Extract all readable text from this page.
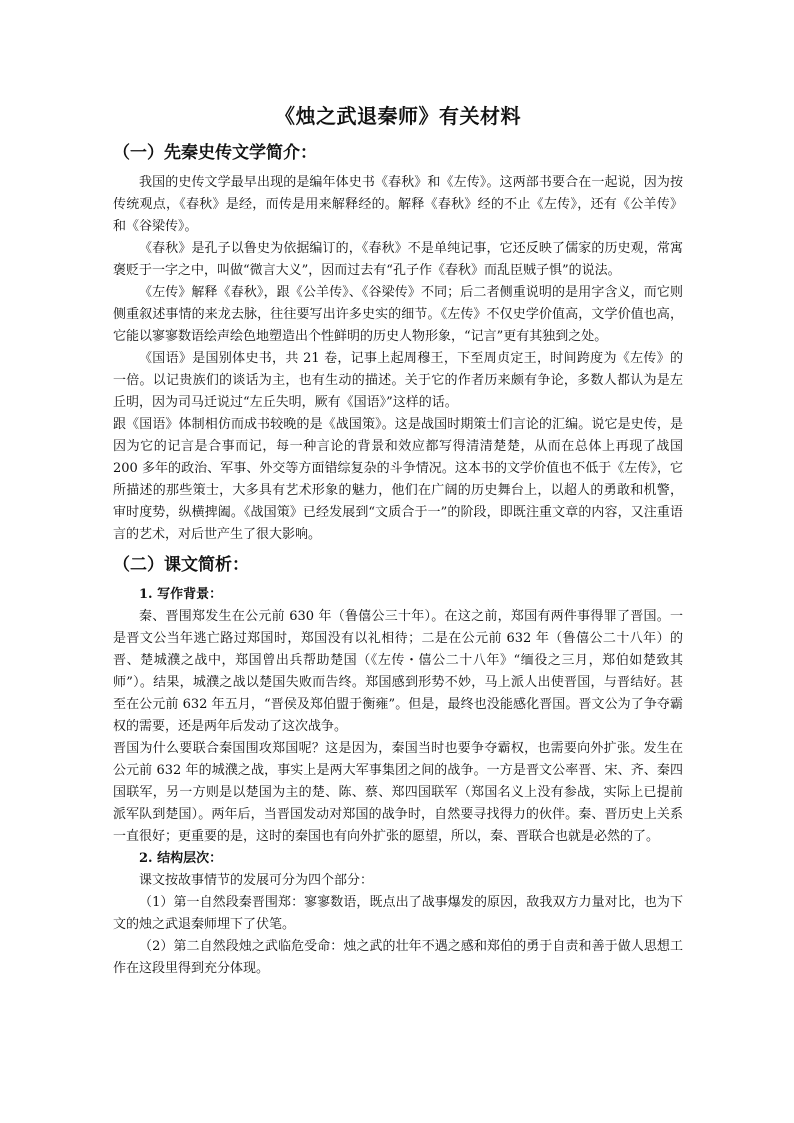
《烛之武退秦师》有关材料
（一）先秦史传文学简介：

我国的史传文学最早出现的是编年体史书《春秋》和《左传》。这两部书要合在一起说，因为按传统观点，《春秋》是经，而传是用来解释经的。解释《春秋》经的不止《左传》，还有《公羊传》和《谷梁传》。

《春秋》是孔子以鲁史为依据编订的，《春秋》不是单纯记事，它还反映了儒家的历史观，常寓褒贬于一字之中，叫做“微言大义”，因而过去有“孔子作《春秋》而乱臣贼子惧”的说法。

《左传》解释《春秋》，跟《公羊传》、《谷梁传》不同；后二者侧重说明的是用字含义，而它则侧重叙述事情的来龙去脉，往往要写出许多史实的细节。《左传》不仅史学价值高，文学价值也高，它能以寥寥数语绘声绘色地塑造出个性鲜明的历史人物形象，“记言”更有其独到之处。

《国语》是国别体史书，共 21 卷，记事上起周穆王，下至周贞定王，时间跨度为《左传》的一倍。以记贵族们的谈话为主，也有生动的描述。关于它的作者历来颇有争论，多数人都认为是左丘明，因为司马迁说过“左丘失明，厥有《国语》”这样的话。

跟《国语》体制相仿而成书较晚的是《战国策》。这是战国时期策士们言论的汇编。说它是史传，是因为它的记言是合事而记，每一种言论的背景和效应都写得清清楚楚，从而在总体上再现了战国 200 多年的政治、军事、外交等方面错综复杂的斗争情况。这本书的文学价值也不低于《左传》，它所描述的那些策士，大多具有艺术形象的魅力，他们在广阔的历史舞台上，以超人的勇敢和机警，审时度势，纵横捭阖。《战国策》已经发展到“文质合于一”的阶段，即既注重文章的内容，又注重语言的艺术，对后世产生了很大影响。

（二）课文简析：

1. 写作背景：

秦、晋围郑发生在公元前 630 年（鲁僖公三十年）。在这之前，郑国有两件事得罪了晋国。一是晋文公当年逃亡路过郑国时，郑国没有以礼相待；二是在公元前 632 年（鲁僖公二十八年）的晋、楚城濮之战中，郑国曾出兵帮助楚国（《左传・僖公二十八年》“缅役之三月，郑伯如楚致其师”）。结果，城濮之战以楚国失败而告终。郑国感到形势不妙，马上派人出使晋国，与晋结好。甚至在公元前 632 年五月，“晋侯及郑伯盟于衡雍”。但是，最终也没能感化晋国。晋文公为了争夺霸权的需要，还是两年后发动了这次战争。

晋国为什么要联合秦国围攻郑国呢？这是因为，秦国当时也要争夺霸权，也需要向外扩张。发生在公元前 632 年的城濮之战，事实上是两大军事集团之间的战争。一方是晋文公率晋、宋、齐、秦四国联军，另一方则是以楚国为主的楚、陈、蔡、郑四国联军（郑国名义上没有参战，实际上已提前派军队到楚国）。两年后，当晋国发动对郑国的战争时，自然要寻找得力的伙伴。秦、晋历史上关系一直很好；更重要的是，这时的秦国也有向外扩张的愿望，所以，秦、晋联合也就是必然的了。

2. 结构层次：

课文按故事情节的发展可分为四个部分：

（1）第一自然段秦晋围郑：寥寥数语，既点出了战事爆发的原因，敌我双方力量对比，也为下文的烛之武退秦师埋下了伏笔。

（2）第二自然段烛之武临危受命：烛之武的壮年不遇之感和郑伯的勇于自责和善于做人思想工作在这段里得到充分体现。
